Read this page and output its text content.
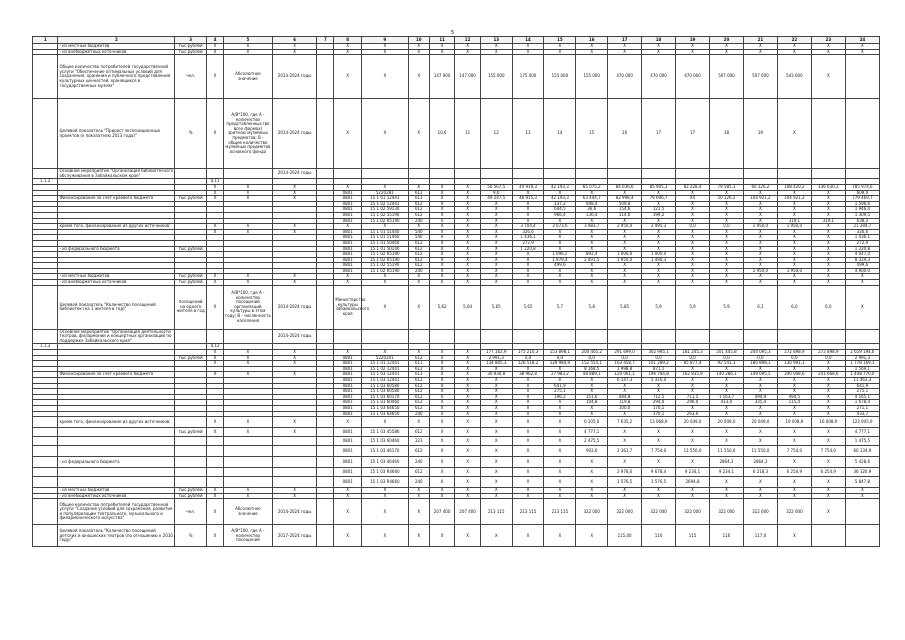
5
1	2	3	4	5	6	7	8	9	10	11	12	13	14	15	16	17	18	19	20	21	22	23	24
	- из местных бюджетов	тыс.рублей	X	X	X		X	X	X	X	X	X	X	X	X	X	X	X	X	X	X	X	X
	- из внебюджетных источников	тыс.рублей	X	X	X		X	X	X	X	X	X	X	X	X	X	X	X	X	X	X	X	X
	Общее количество потребителей государственной услуги "Обеспечение оптимальных условий для сохранения, хранения и публичного представления культурных ценностей, хранящихся в государственных музеях"	чел.	X	Абсолютное значение	2014-2024 годы		X	X	X	147 000	147 000	155 000	175 000	155 000	155 000	470 000	470 000	470 000	507 000	507 000	543 000	X	
	Целевой показатель "Прирост экспозиционных проектов (к показателю 2013 года)"	%	X	А/В*100, где А - количество представленных (во всех формах) зрителю музейных предметов; В - общее количество музейных предметов основного фонда	2014-2024 годы		X	X	X	10,6	11	12	13	14	15	16	17	17	18	19	X		
	Основное мероприятие "Организация библиотечного обслуживания в Забайкальском крае"				2014-2024 годы																		
1.1.2			0,11																				
			X	X	X		X	X	X	X	X	50 567,5	44 919,3	42 193,3	65 075,2	84 036,6	85 905,1	82 228,4	79 585,3	60 126,2	108 420,2	136 630,2	785 974,6
			X	X	X		0801	5220281	612	X	X	9,6	X	X	X	X	X	X	X	X	X	X	609,0
	Финансирование за счет краевого бюджета	тыс.рублей	X	X	X		0801	15 1 01 12441	611	X	X	49 247,5	46 915,3	42 193,3	63 444,7	82 998,4	79 696,7	XX	50 126,2	104 921,2	104 921,2	X	779 469,7
							0801	15 1 02 12441	612	X	X	X	X	137,2	948,4	509,0	X	X	X	X	X	X	1 596,6
							0801	15 1 02 59130	612	X	X	X	X	644,5	36,6	154,6	121,5	X	X	X	X	X	1 946,4
							0801	15 1 02 55190	612	X	X	X	X	966,4	136,4	114,6	199,2	X	X	X	X	X	1 309,5
							0801	15 1 02 R5190	240	X	X	X	X	X	X	X	X	X	X	X	319,1	319,1	638,2
	кроме того, финансирование из других источников:		X	X	X		X	X	X	X	X	X	3 704,4	3 073,6	3 983,7	2 950,0	2 495,3	0,0	0,0	2 950,0	1 950,0	X	21 284,7
			X	X	X		0801	15 1 01 51440	540	X	X	X	326,6	X	X	X	X	X	X	X	X	X	326,6
							0801	15 1 01 51460	540	X	X	X	1 436,1	X	X	X	X	X	X	X	X	X	1 436,1
							0801	15 1 01 50460	612	X	X	X	272,9	X	X	X	X	X	X	X	X	X	272,9
	- из федерального бюджета	тыс.рублей					0801	15 1 01 50140	612	X	X	X	1 220,8	X	X	X	X	X	X	X	X	X	1 220,8
							0801	15 1 02 R5190	612	X	X	X	X	1 096,2	892,4	1 000,0	1 000,0	X	X	X	X	X	4 047,0
							0801	15 1 02 R5190	612	X	X	X	X	1 979,4	2 491,5	1 950,0	1 496,3	X	X	X	X	X	8 329,3
							0801	15 1 02 55190	612	X	X	X	X	499,6	X	X	X	X	X	X	X	X	499,6
							0801	15 1 02 R5190	240	X	X	X	X	X	X	X	X	X	X	2 950,0	1 950,0	X	4 900,0
	- из местных бюджетов	тыс.рублей	X	X	X		X	X	X	X	X	X	X	X	X	X	X	X	X	X	X	X	X
	- из внебюджетных источников	тыс.рублей	X	X	X		X	X	X	X	X	X	X	X	X	X	X	X	X	X	X	X	X
	Целевой показатель "Количество посещений библиотек (на 1 жителя в год)"	посещений на одного жителя в год	X	А/В*100, где А - количество посещений организаций культуры в этом году; В - численность населения	2014-2024 годы		Министерство культуры Забайкальского края	X	X	5,62	5,64	5,65	5,65	5,7	5,8	5,85	5,9	5,9	5,9	6,1	6,0	6,0	X
	Основное мероприятие "Организация деятельности театров, филармонии и концертных организаций по поддержке Забайкальского края"				2014-2024 годы																		
1.1.3			0,12																				
			X	X	X		X	X	X	X	X	177 162,9	175 210,3	153 898,1	200 405,2	291 699,0	302 995,1	181 245,3	201 445,8	244 095,3	272 898,9	272 898,9	2 659 194,6
		тыс.рублей	X	X	X		0801	5220201	612	X	X	2 991,3	0,0	0,0	0,0	0,0	0,0	0,0	0,0	0,0	0,0	0,0	2 991,3
			X	X	X		0801	15 1 01 12441	611	X	X	134 805,3	126 518,2	129 984,9	152 554,1	163 458,7	101 289,2	85 877,4	92 541,3	180 898,1	130 991,1	X	1 778 169,1
							0801	15 1 02 12441	612	X	X	X	X	X	8 168,5	1 998,8	871,1	X	X	X	X	X	1 569,1
	Финансирование за счет краевого бюджета		X	X	X		0801	15 1 03 12441	611	X	X	30 930,8	38 962,8	27 983,2	48 889,1	120 061,1	196 784,8	162 835,9	140 286,1	149 095,5	240 048,6	241 668,6	1 448 770,0
							0801	15 1 03 12441	612	X	X	X	X	X	X	6 147,3	5 316,0	X	X	X	X	X	11 463,3
							0801	15 1 03 60580	612	X	X	X	X	641,9	X	X	X	X	X	X	X	X	641,9
							0801	15 1 03 60580	612	X	X	X	X	275,1	X	X	X	X	X	X	X	X	275,1
							0801	15 1 03 60170	612	X	X	X	X	196,2	151,6	484,8	712,5	711,5	1 163,7	494,9	494,5	X	4 165,1
							0801	15 1 03 60460	612	X	X	X	X	X	104,8	119,8	294,0	296,0	413,0	335,4	115,4	X	1 678,4
							0801	15 1 03 64650	612	X	X	X	X	X	X	100,0	170,1	X	X	X	X	X	271,1
							0801	15 1 03 64650	240	X	X	X	X	X	X	X	170,1	263,6	X	X	X	X	433,7
	кроме того, финансирование из других источников:		X	X	X		X	X	X	X	X	X	X	X	6 105,0	7 635,2	13 068,9	20 049,0	20 049,0	20 049,0	19 008,9	16 008,9	123 945,9
		тыс.рублей	X	X	X		0801	15 1 03 45586	612	X	X	X	X	X	4 777,1	X	X	X	X	X	X	X	4 777,1
							0801	15 1 03 60460	323	X	X	X	X	X	2 475,5	X	X	X	X	X	X	X	1 475,5
							0801	15 1 03 46170	612	X	X	X	X	X	902,6	2 361,7	7 754,0	11 550,0	11 550,0	11 550,0	7 754,0	7 754,0	60 134,9
	- из федерального бюджета						0801	15 1 03 46460	240	X	X	X	X	X	X	X	X	X	2864,3	2864,3	X	X	5 428,6
							0801	15 1 03 R4660	612	X	X	X	X	X	X	2 978,6	9 678,4	9 234,1	9 234,1	6 218,3	6 254,9	6 254,9	36 120,9
							0801	15 1 03 R4660	240	X	X	X	X	X	X	1 576,5	1 576,5	2694,8	X	X	X	X	5 847,8
	- из местных бюджетов	тыс.рублей	X	X	X		X	X	X	X	X	X	X	X	X	X	X	X	X	X	X	X	X
	- из внебюджетных источников	тыс.рублей	X	X	X		X	X	X	X	X	X	X	X	X	X	X	X	X	X	X	X	X
	Общее количество потребителей государственной услуги "Создание условий для сохранения, развития и популяризации театрального, музыкального и филармонического искусства"	чел.	X	Абсолютное значение	2014-2024 годы		X	X	X	207 400	207 400	213 115	213 115	213 115	322 000	322 000	322 000	322 000	322 000	322 000	322 000	X	
	Целевой показатель "Количество посещений детских и юношеских театров (по отношению к 2010 году)"	%	X	А/В*100, где А - количество посещений	2017-2024 годы		X	X	X	X	X	X	X	X	X	115,00	116	115	116	117,0	X		
